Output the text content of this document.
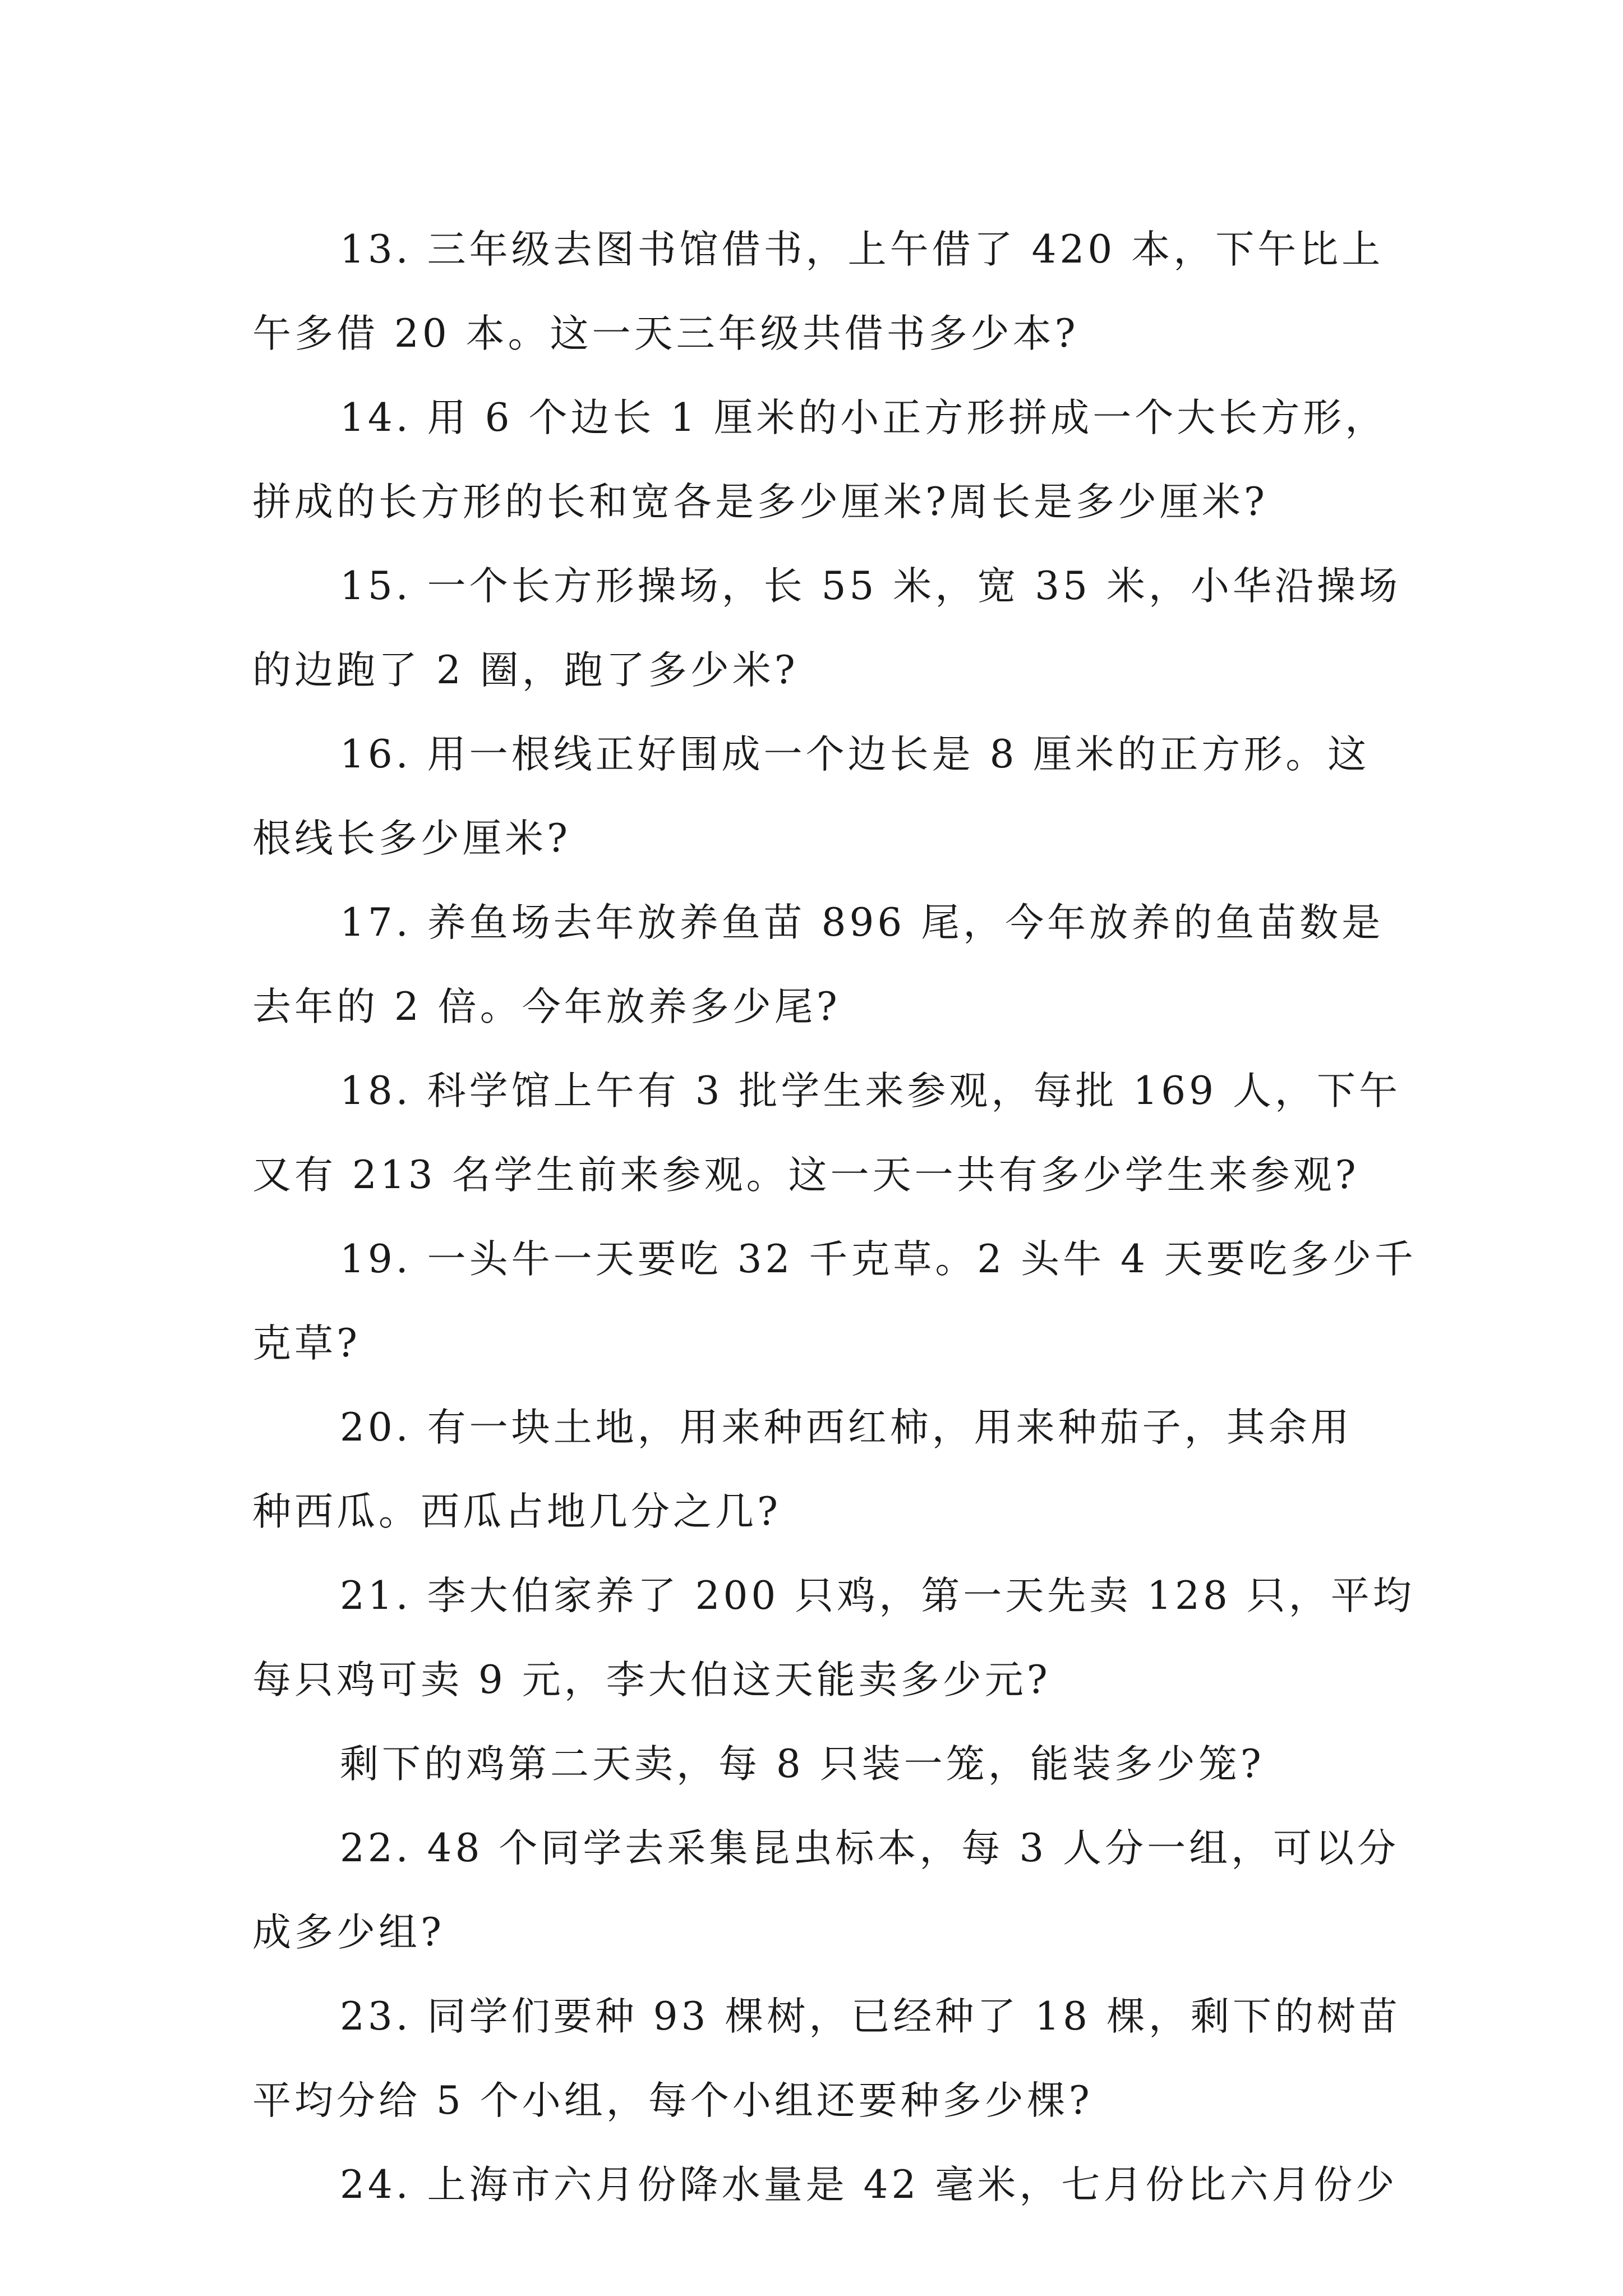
13. 三年级去图书馆借书，上午借了 420 本，下午比上
午多借 20 本。这一天三年级共借书多少本?
14. 用 6 个边长 1 厘米的小正方形拼成一个大长方形，
拼成的长方形的长和宽各是多少厘米?周长是多少厘米?
15. 一个长方形操场，长 55 米，宽 35 米，小华沿操场
的边跑了 2 圈，跑了多少米?
16. 用一根线正好围成一个边长是 8 厘米的正方形。这
根线长多少厘米?
17. 养鱼场去年放养鱼苗 896 尾，今年放养的鱼苗数是
去年的 2 倍。今年放养多少尾?
18. 科学馆上午有 3 批学生来参观，每批 169 人，下午
又有 213 名学生前来参观。这一天一共有多少学生来参观?
19. 一头牛一天要吃 32 千克草。2 头牛 4 天要吃多少千
克草?
20. 有一块土地，用来种西红柿，用来种茄子，其余用
种西瓜。西瓜占地几分之几?
21. 李大伯家养了 200 只鸡，第一天先卖 128 只，平均
每只鸡可卖 9 元，李大伯这天能卖多少元?
剩下的鸡第二天卖，每 8 只装一笼，能装多少笼?
22. 48 个同学去采集昆虫标本，每 3 人分一组，可以分
成多少组?
23. 同学们要种 93 棵树，已经种了 18 棵，剩下的树苗
平均分给 5 个小组，每个小组还要种多少棵?
24. 上海市六月份降水量是 42 毫米，七月份比六月份少
